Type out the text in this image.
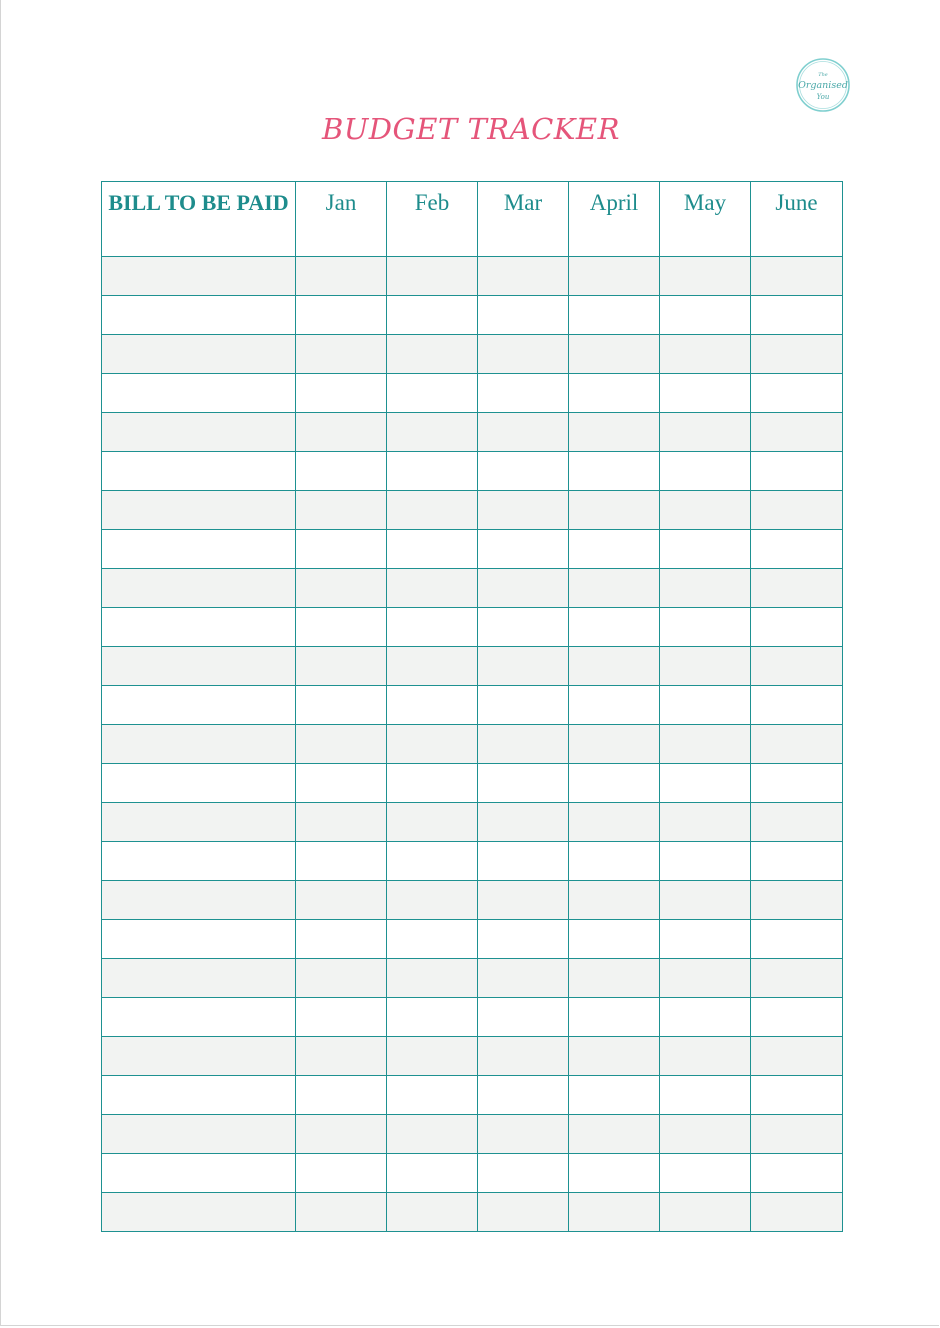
The
Organised
You
BUDGET TRACKER
BILL TO BE PAID	Jan	Feb	Mar	April	May	June
